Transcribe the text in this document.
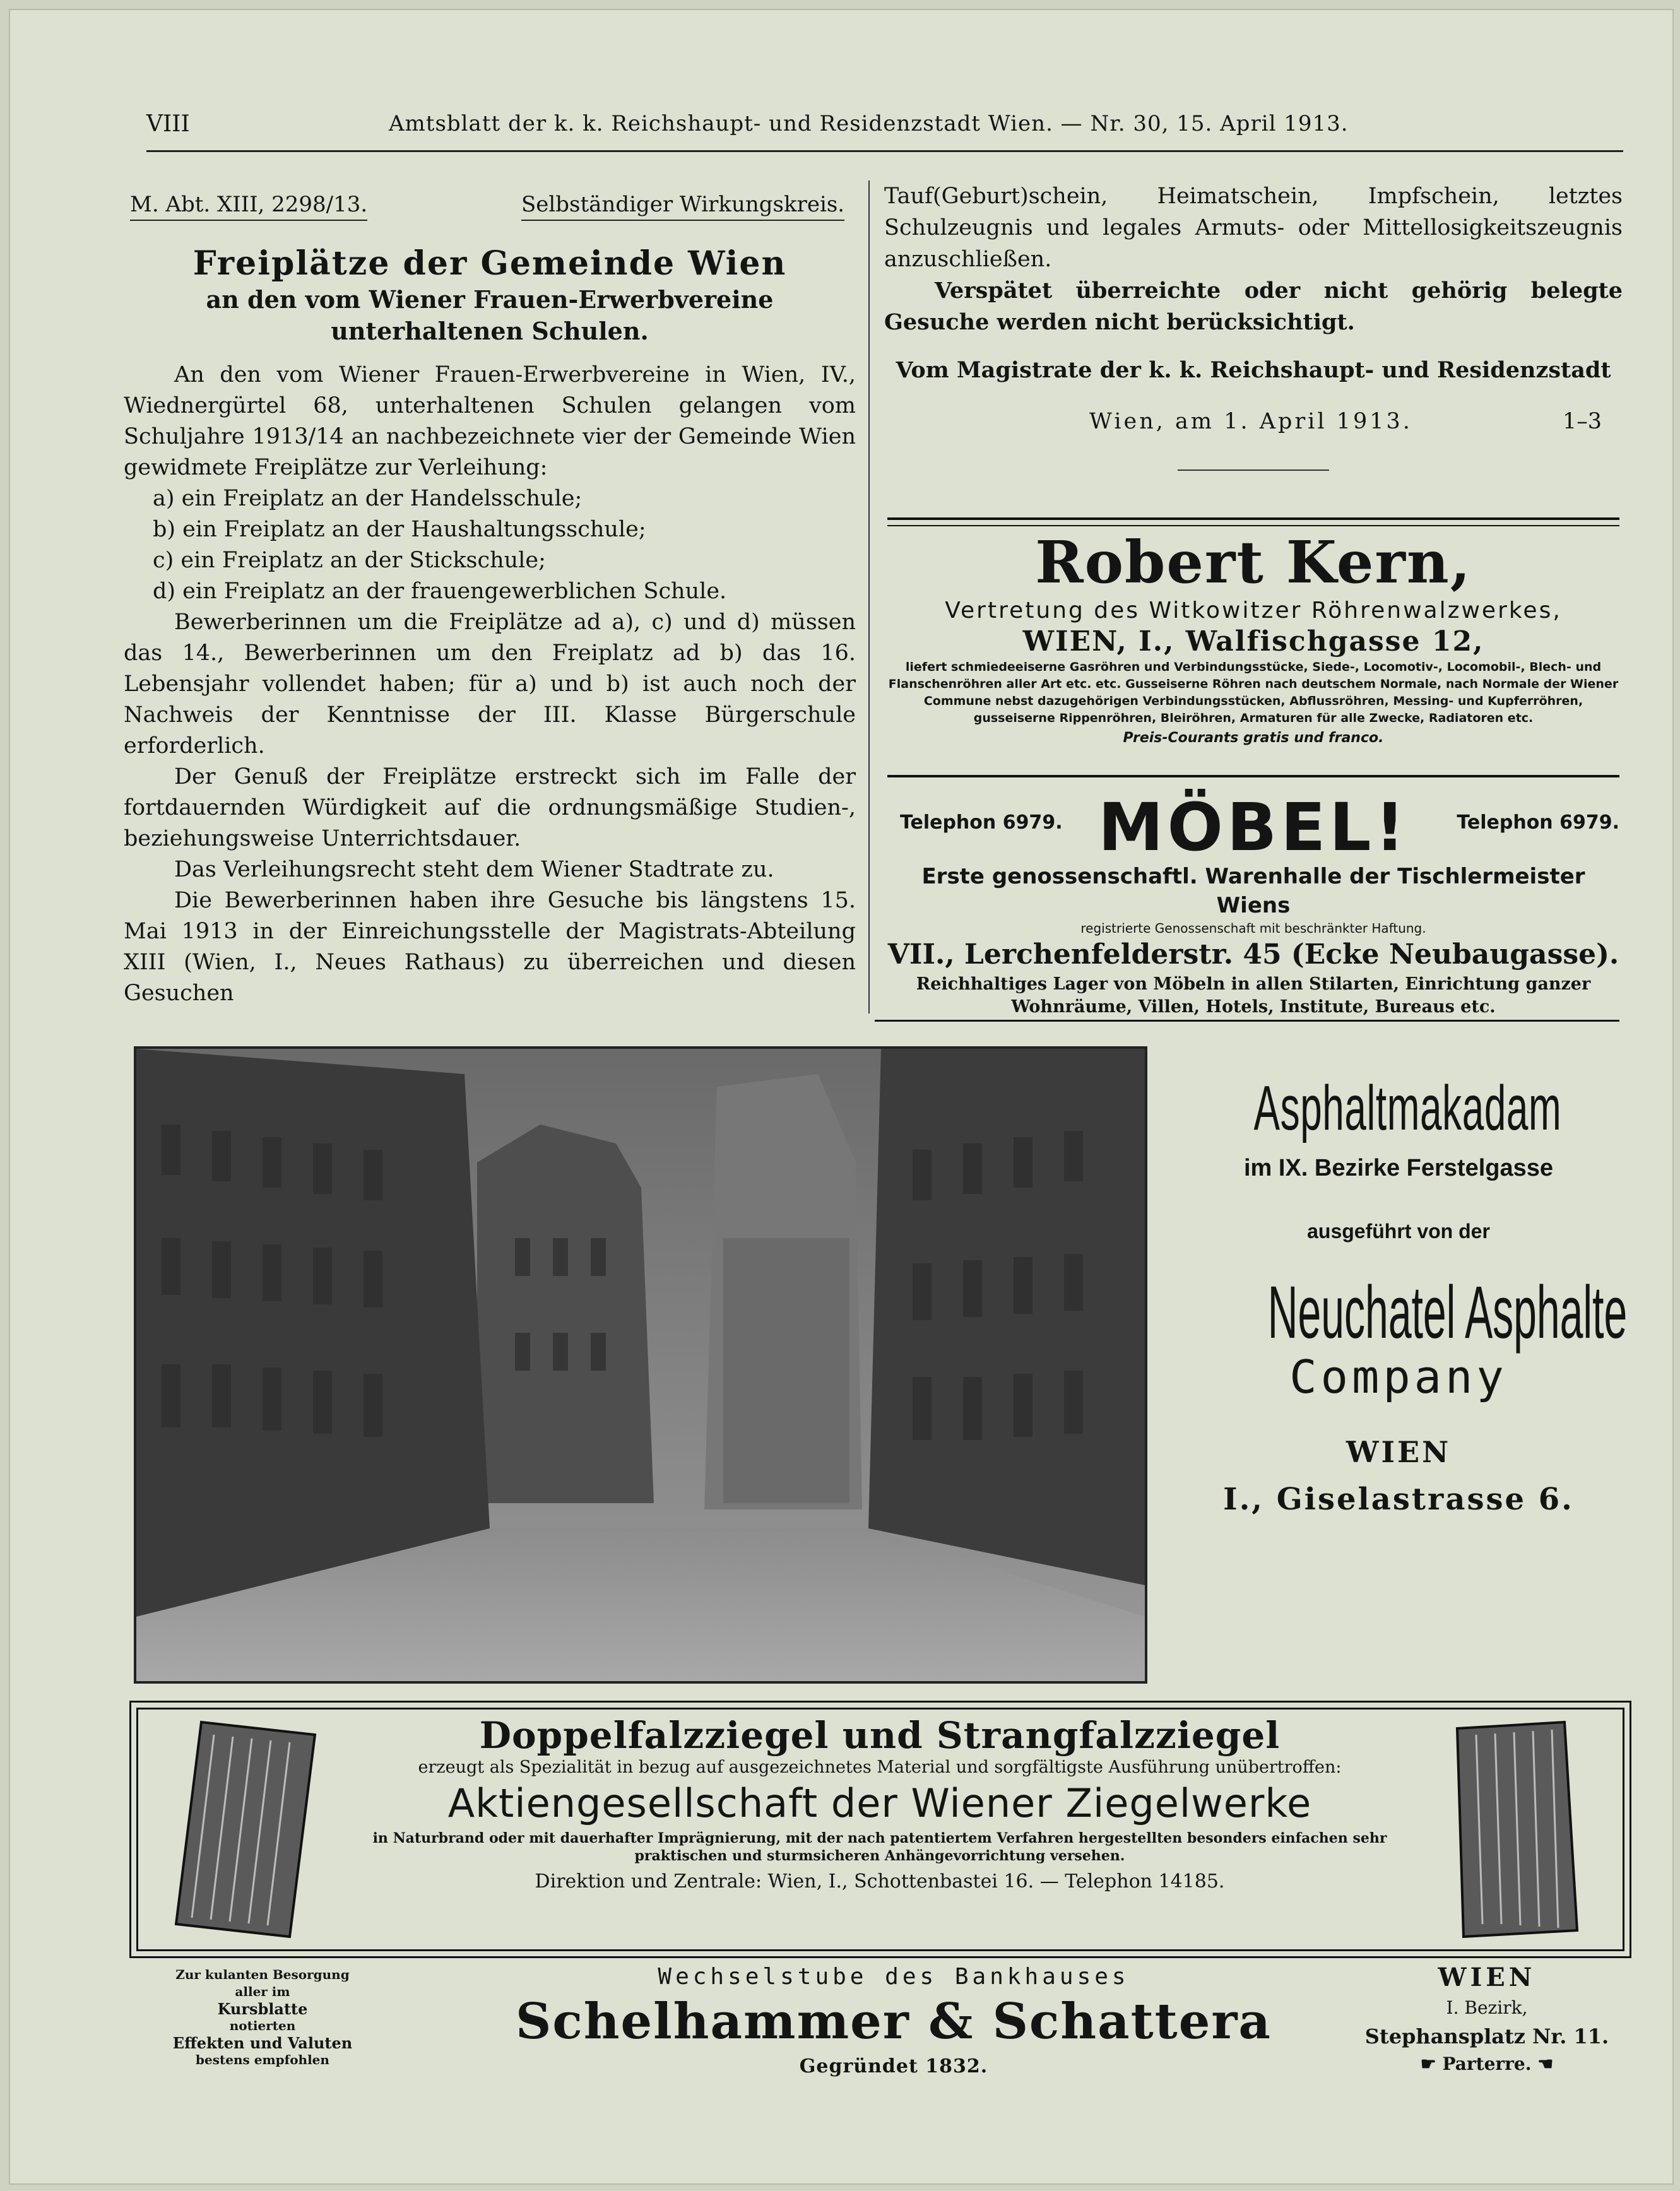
VIII	Amtsblatt der k. k. Reichshaupt- und Residenzstadt Wien. — Nr. 30, 15. April 1913.
M. Abt. XIII, 2298/13.	Selbständiger Wirkungskreis.
Freiplätze der Gemeinde Wien
an den vom Wiener Frauen-Erwerbvereine unterhaltenen Schulen.

An den vom Wiener Frauen-Erwerbvereine in Wien, IV., Wiednergürtel 68, unterhaltenen Schulen gelangen vom Schuljahre 1913/14 an nachbezeichnete vier der Gemeinde Wien gewidmete Freiplätze zur Verleihung:

a) ein Freiplatz an der Handelsschule;
b) ein Freiplatz an der Haushaltungsschule;
c) ein Freiplatz an der Stickschule;
d) ein Freiplatz an der frauengewerblichen Schule.

Bewerberinnen um die Freiplätze ad a), c) und d) müssen das 14., Bewerberinnen um den Freiplatz ad b) das 16. Lebensjahr vollendet haben; für a) und b) ist auch noch der Nachweis der Kenntnisse der III. Klasse Bürgerschule erforderlich.

Der Genuß der Freiplätze erstreckt sich im Falle der fortdauernden Würdigkeit auf die ordnungsmäßige Studien-, beziehungsweise Unterrichtsdauer.

Das Verleihungsrecht steht dem Wiener Stadtrate zu.

Die Bewerberinnen haben ihre Gesuche bis längstens 15. Mai 1913 in der Einreichungsstelle der Magistrats-Abteilung XIII (Wien, I., Neues Rathaus) zu überreichen und diesen Gesuchen

Tauf(Geburt)schein, Heimatschein, Impfschein, letztes Schulzeugnis und legales Armuts- oder Mittellosigkeitszeugnis anzuschließen.

Verspätet überreichte oder nicht gehörig belegte Gesuche werden nicht berücksichtigt.

Vom Magistrate der k. k. Reichshaupt- und Residenzstadt

Wien, am 1. April 1913.	1–3
Robert Kern,
Vertretung des Witkowitzer Röhrenwalzwerkes,
WIEN, I., Walfischgasse 12,
liefert schmiedeeiserne Gasröhren und Verbindungsstücke, Siede-, Locomotiv-, Locomobil-, Blech- und Flanschenröhren aller Art etc. etc. Gusseiserne Röhren nach deutschem Normale, nach Normale der Wiener Commune nebst dazugehörigen Verbindungsstücken, Abflussröhren, Messing- und Kupferröhren, gusseiserne Rippenröhren, Bleiröhren, Armaturen für alle Zwecke, Radiatoren etc.
Preis-Courants gratis und franco.
Telephon 6979.	Telephon 6979.
MÖBEL!
Erste genossenschaftl. Warenhalle der Tischlermeister Wiens
registrierte Genossenschaft mit beschränkter Haftung.
VII., Lerchenfelderstr. 45 (Ecke Neubaugasse).
Reichhaltiges Lager von Möbeln in allen Stilarten, Einrichtung ganzer Wohnräume, Villen, Hotels, Institute, Bureaus etc.
Asphaltmakadam
im IX. Bezirke Ferstelgasse
ausgeführt von der
Neuchatel Asphalte
Company
WIEN
I., Giselastrasse 6.
Doppelfalzziegel und Strangfalzziegel
erzeugt als Spezialität in bezug auf ausgezeichnetes Material und sorgfältigste Ausführung unübertroffen:
Aktiengesellschaft der Wiener Ziegelwerke
in Naturbrand oder mit dauerhafter Imprägnierung, mit der nach patentiertem Verfahren hergestellten besonders einfachen sehr praktischen und sturmsicheren Anhängevorrichtung versehen.
Direktion und Zentrale: Wien, I., Schottenbastei 16. — Telephon 14185.
Zur kulanten Besorgung
aller im
Kursblatte
notierten
Effekten und Valuten
bestens empfohlen
Wechselstube des Bankhauses
Schelhammer & Schattera
Gegründet 1832.
WIEN
I. Bezirk,
Stephansplatz Nr. 11.
☛ Parterre. ☚
